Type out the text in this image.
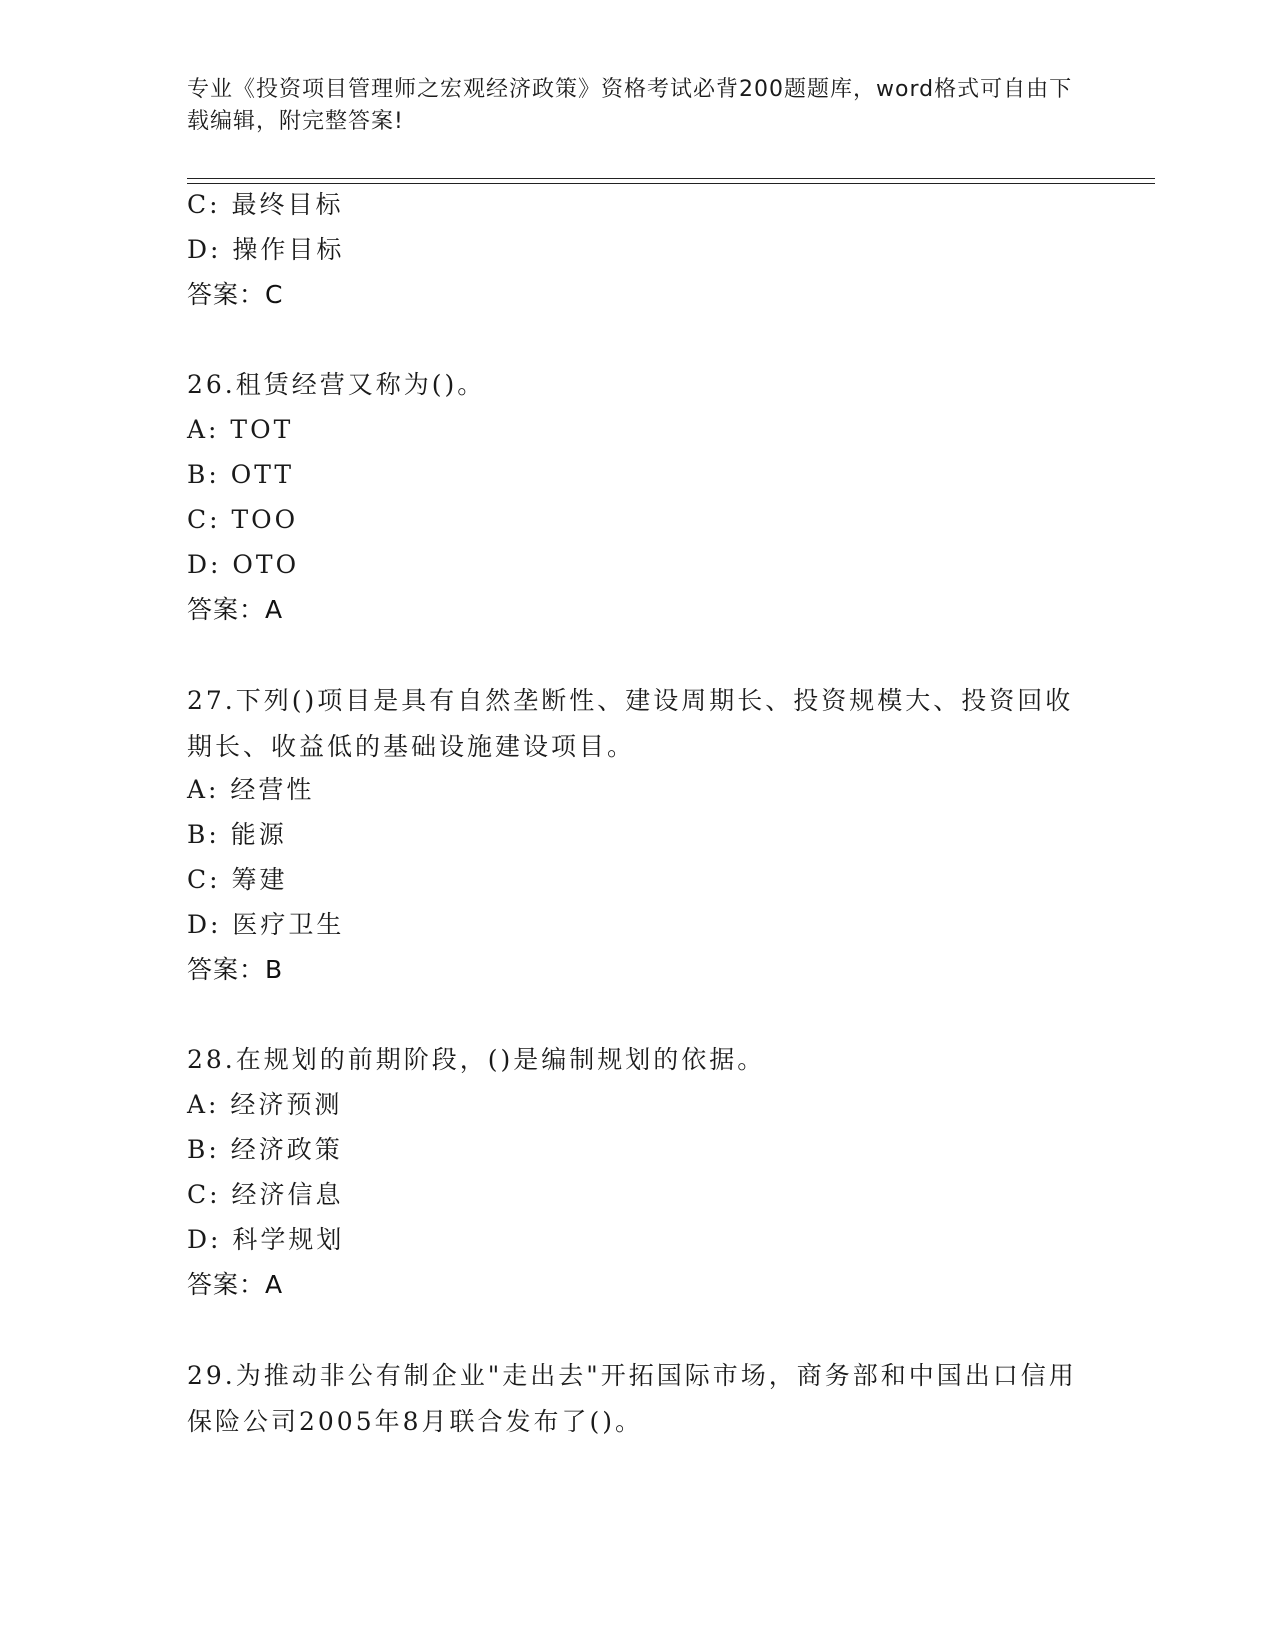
专业《投资项目管理师之宏观经济政策》资格考试必背200题题库，word格式可自由下载编辑，附完整答案!
C: 最终目标
D: 操作目标
答案：C
26.租赁经营又称为()。
A: TOT
B: OTT
C: TOO
D: OTO
答案：A
27.下列()项目是具有自然垄断性、建设周期长、投资规模大、投资回收期长、收益低的基础设施建设项目。
A: 经营性
B: 能源
C: 筹建
D: 医疗卫生
答案：B
28.在规划的前期阶段，()是编制规划的依据。
A: 经济预测
B: 经济政策
C: 经济信息
D: 科学规划
答案：A
29.为推动非公有制企业"走出去"开拓国际市场，商务部和中国出口信用保险公司2005年8月联合发布了()。
